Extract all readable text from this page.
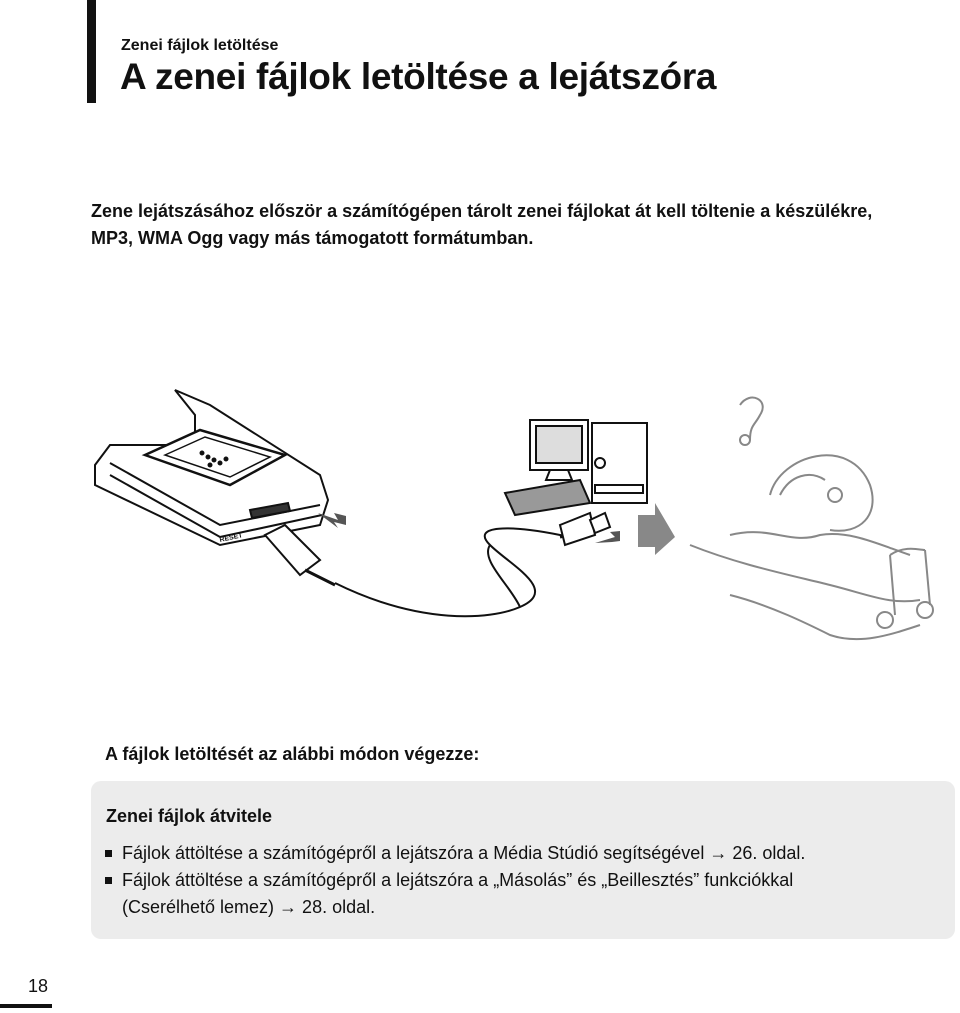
Zenei fájlok letöltése
A zenei fájlok letöltése a lejátszóra
Zene lejátszásához először a számítógépen tárolt zenei fájlokat át kell töltenie a készülékre, MP3, WMA Ogg vagy más támogatott formátumban.
RESET
A fájlok letöltését az alábbi módon végezze:
Zenei fájlok átvitele
Fájlok áttöltése a számítógépről a lejátszóra a Média Stúdió segítségével → 26. oldal.
Fájlok áttöltése a számítógépről a lejátszóra a „Másolás” és „Beillesztés” funkciókkal
(Cserélhető lemez) → 28. oldal.
18
